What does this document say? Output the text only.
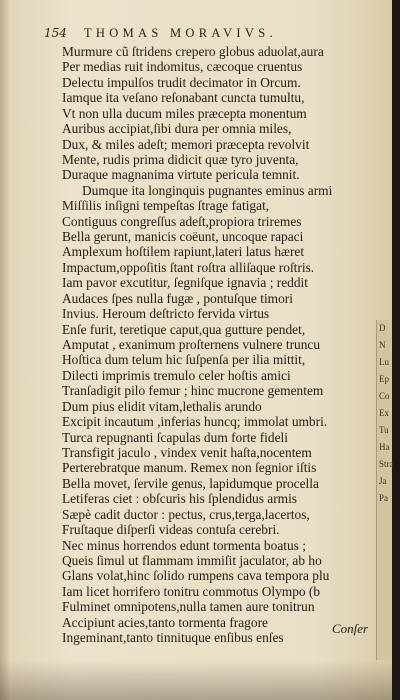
154 THOMAS MORAVIVS.
Murmure cũ ſtridens crepero globus aduolat,aura
Per medias ruit indomitus, cæcoque cruentus
Delectu impulſos trudit decimator in Orcum.
Iamque ita veſano reſonabant cuncta tumultu,
Vt non ulla ducum miles præcepta monentum
Auribus accipiat,ſibi dura per omnia miles,
Dux, & miles adeſt; memori præcepta revolvit
Mente, rudis prima didicit quæ tyro juventa,
Duraque magnanima virtute pericula temnit.
Dumque ita longinquis pugnantes eminus armi
Miſſilis inſigni tempeſtas ſtrage fatigat,
Contiguus congreſſus adeſt,propiora triremes
Bella gerunt, manicis coëunt, uncoque rapaci
Amplexum hoſtilem rapiunt,lateri latus hæret
Impactum,oppoſitis ſtant roſtra alliſaque roſtris.
Iam pavor excutitur, ſegniſque ignavia ; reddit
Audaces ſpes nulla fugæ , pontuſque timori
Invius. Heroum deſtricto fervida virtus
Enſe furit, teretique caput,qua gutture pendet,
Amputat , exanimum proſternens vulnere truncu
Hoſtica dum telum hic ſuſpenſa per ilia mittit,
Dilecti imprimis tremulo celer hoſtis amici
Tranſadigit pilo femur ; hinc mucrone gementem
Dum pius elidit vitam,lethalis arundo
Excipit incautum ,inferias huncq; immolat umbri.
Turca repugnanti ſcapulas dum forte fideli
Transfigit jaculo , vindex venit haſta,nocentem
Perterebratque manum. Remex non ſegnior iſtis
Bella movet, ſervile genus, lapidumque procella
Letiferas ciet : obſcuris his ſplendidus armis
Sæpè cadit ductor : pectus, crus,terga,lacertos,
Fruſtaque diſperſi videas contuſa cerebri.
Nec minus horrendos edunt tormenta boatus ;
Queis ſimul ut flammam immiſit jaculator, ab ho
Glans volat,hinc ſolido rumpens cava tempora plu
Iam licet horrifero tonitru commotus Olympo (b
Fulminet omnipotens,nulla tamen aure tonitrun
Accipiunt acies,tanto tormenta fragore
Ingeminant,tanto tinnituque enſibus enſes
Conſer
D
N
Lu
Ep
Co
Ex
Tu
Ha
Stra
Ja
Pa
